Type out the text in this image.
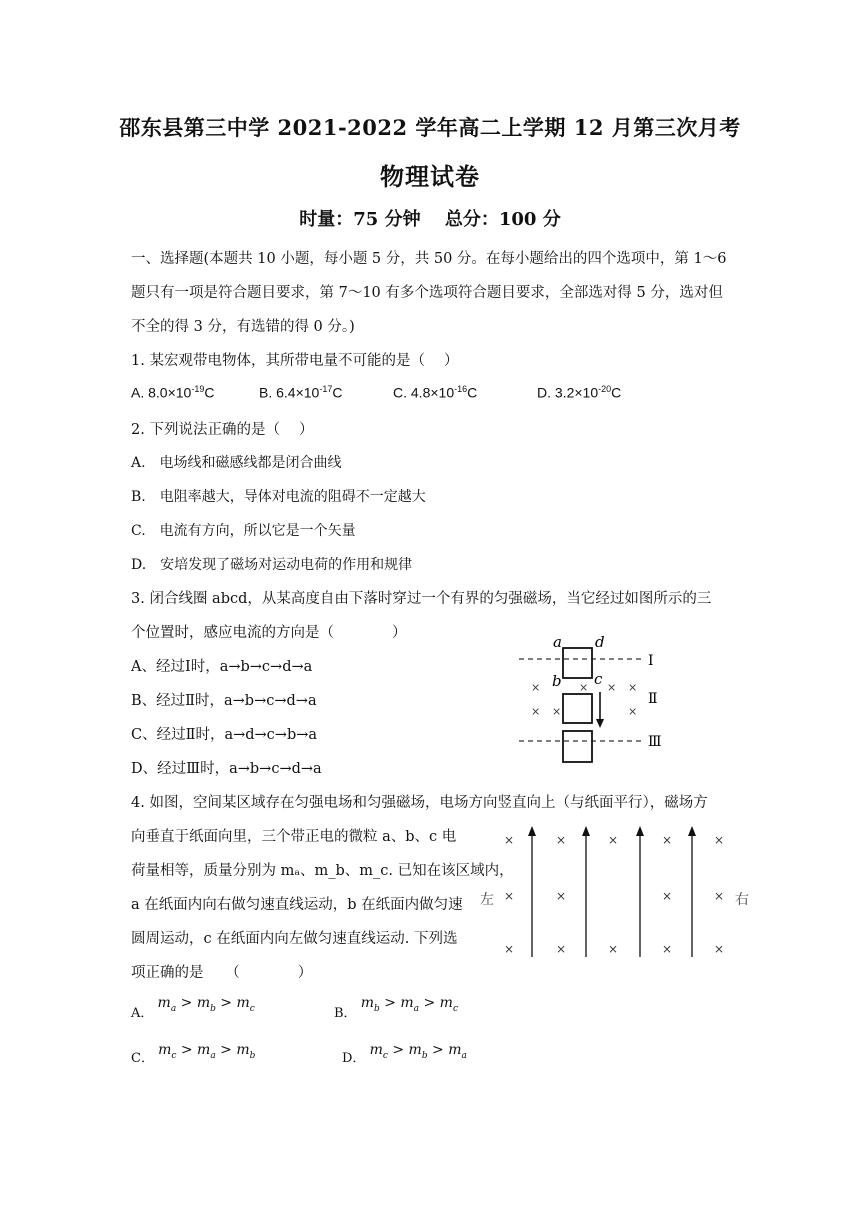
邵东县第三中学 2021-2022 学年高二上学期 12 月第三次月考
物理试卷
时量：75 分钟　 总分：100 分
一、选择题(本题共 10 小题，每小题 5 分，共 50 分。在每小题给出的四个选项中，第 1～6
题只有一项是符合题目要求，第 7～10 有多个选项符合题目要求，全部选对得 5 分，选对但
不全的得 3 分，有选错的得 0 分。)
1. 某宏观带电物体，其所带电量不可能的是（　 ）
A. $8.0\times 10^{-19}C$	B. $6.4\times 10^{-17}C$	C. $4.8\times 10^{-16}C$	D. $3.2\times 10^{-20}C$
2. 下列说法正确的是（　 ）
A.　电场线和磁感线都是闭合曲线
B.　电阻率越大，导体对电流的阻碍不一定越大
C.　电流有方向，所以它是一个矢量
D.　安培发现了磁场对运动电荷的作用和规律
3. 闭合线圈 abcd，从某高度自由下落时穿过一个有界的匀强磁场，当它经过如图所示的三
个位置时，感应电流的方向是（　　　　）
A、经过Ⅰ时，a→b→c→d→a
B、经过Ⅱ时，a→b→c→d→a
C、经过Ⅱ时，a→d→c→b→a
D、经过Ⅲ时，a→b→c→d→a
a d
b c
Ⅰ
Ⅱ
Ⅲ
×	× × ×
× ×	×
4. 如图，空间某区域存在匀强电场和匀强磁场，电场方向竖直向上（与纸面平行），磁场方
向垂直于纸面向里，三个带正电的微粒 a、b、c 电
荷量相等，质量分别为 mₐ、m_b、m_c. 已知在该区域内，
a 在纸面内向右做匀速直线运动，b 在纸面内做匀速
圆周运动，c 在纸面内向左做匀速直线运动. 下列选
项正确的是　　（　　　　）
左	右
×	×	×	×	×
×	×	×	×
×	×	×	×	×
A． $m_a > m_b > m_c$	B． $m_b > m_a > m_c$
C． $m_c > m_a > m_b$	D． $m_c > m_b > m_a$
